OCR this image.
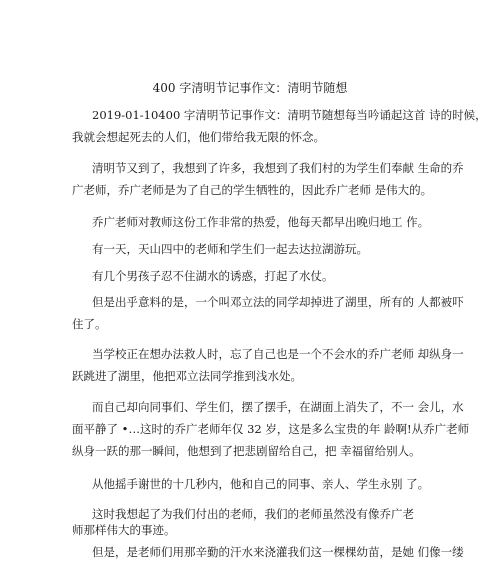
400 字清明节记事作文：清明节随想
2019-01-10400 字清明节记事作文：清明节随想每当吟诵起这首 诗的时候，
我就会想起死去的人们，他们带给我无限的怀念。
清明节又到了，我想到了许多，我想到了我们村的为学生们奉献 生命的乔
广老师，乔广老师是为了自己的学生牺牲的，因此乔广老师 是伟大的。
乔广老师对教师这份工作非常的热爱，他每天都早出晚归地工 作。
有一天，天山四中的老师和学生们一起去达拉湖游玩。
有几个男孩子忍不住湖水的诱惑，打起了水仗。
但是出乎意料的是，一个叫邓立法的同学却掉进了湖里，所有的 人都被吓
住了。
当学校正在想办法救人时，忘了自己也是一个不会水的乔广老师 却纵身一
跃跳进了湖里，他把邓立法同学推到浅水处。
而自己却向同事们、学生们，摆了摆手，在湖面上消失了，不一 会儿，水
面平静了 •…这时的乔广老师年仅 32 岁，这是多么宝贵的年 龄啊!从乔广老师
纵身一跃的那一瞬间，他想到了把悲剧留给自己，把 幸福留给别人。
从他摇手谢世的十几秒内，他和自己的同事、亲人、学生永别 了。
这时我想起了为我们付出的老师，我们的老师虽然没有像乔广老
师那样伟大的事迹。
但是，是老师们用那辛勤的汗水来浇灌我们这一棵棵幼苗，是她 们像一缕
